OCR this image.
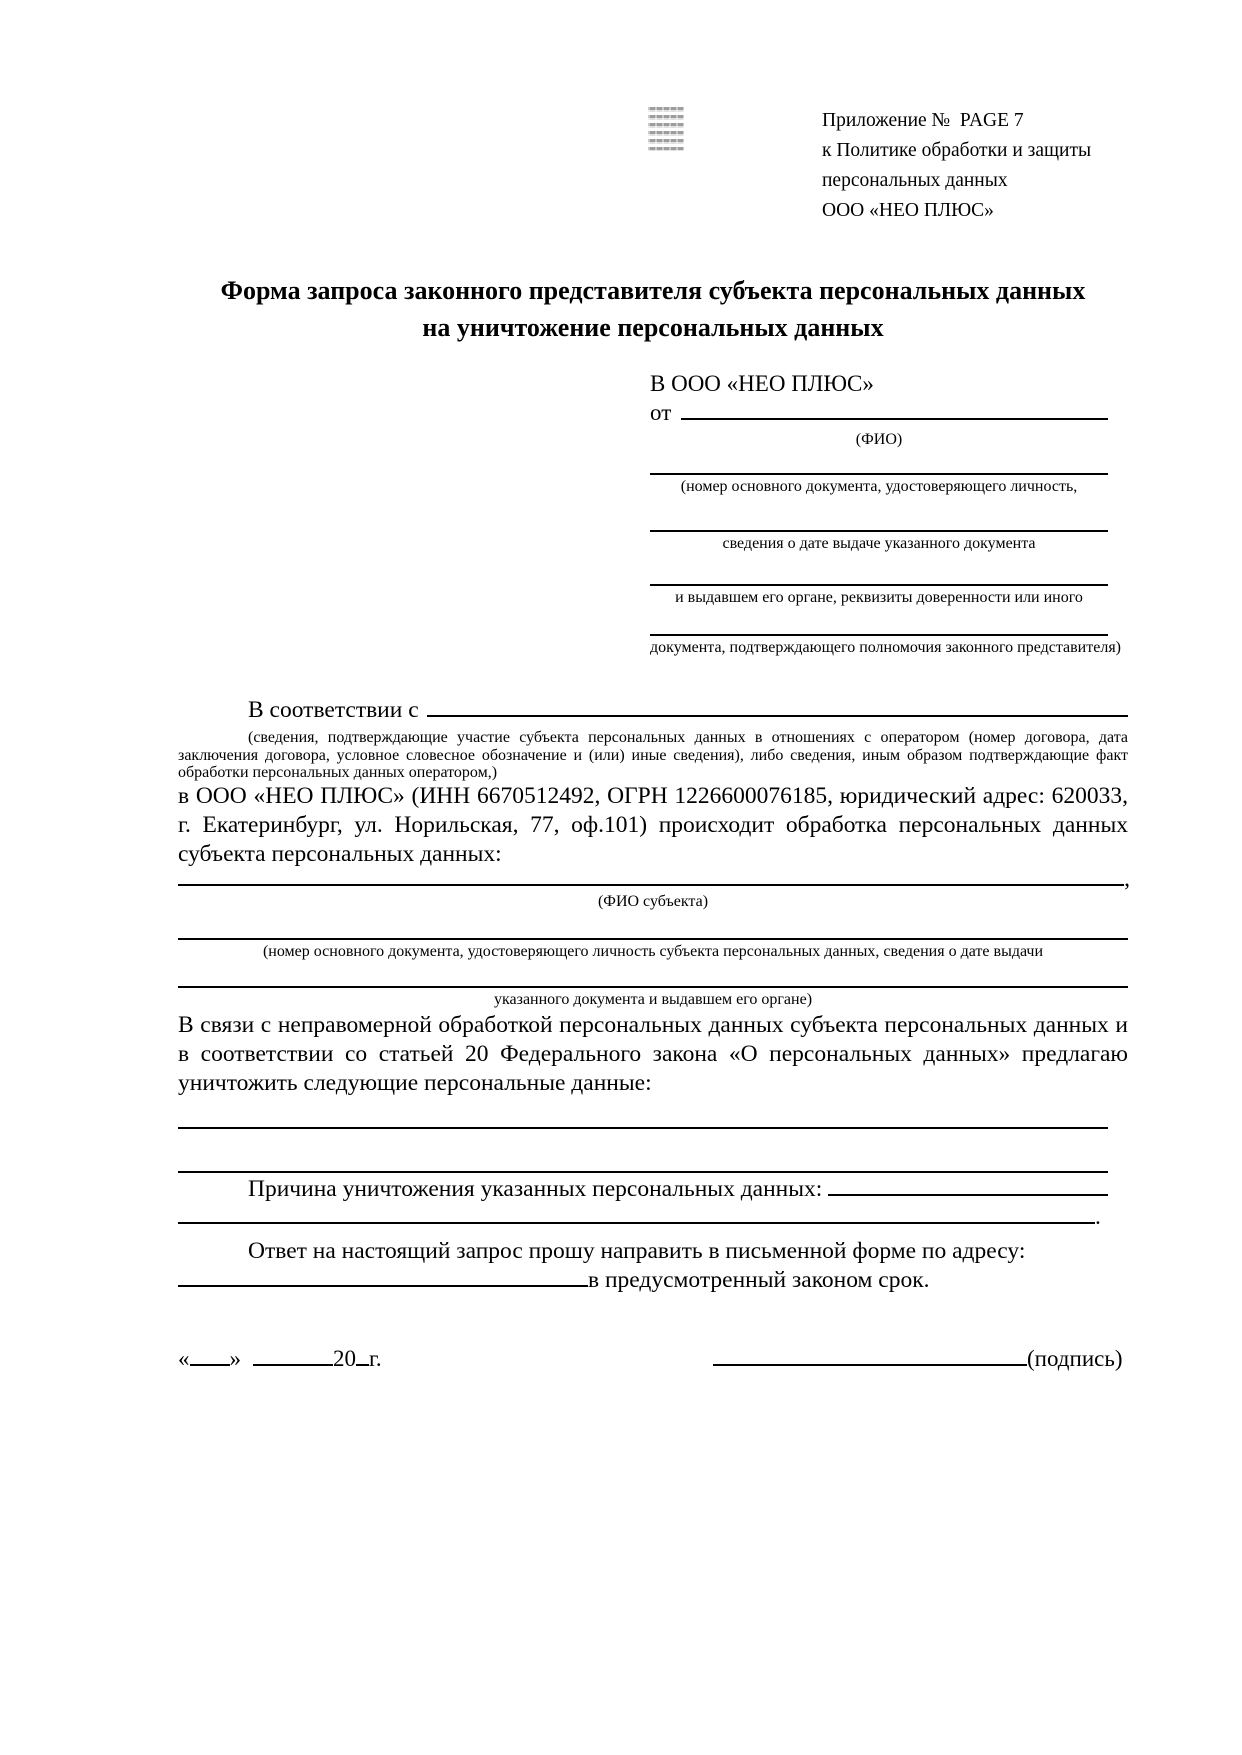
Приложение №  PAGE 7
к Политике обработки и защиты
персональных данных
ООО «НЕО ПЛЮС»
Форма запроса законного представителя субъекта персональных данных
на уничтожение персональных данных
В ООО «НЕО ПЛЮС»
от
(ФИО)
(номер основного документа, удостоверяющего личность,
сведения о дате выдаче указанного документа
и выдавшем его органе, реквизиты доверенности или иного
документа, подтверждающего полномочия законного представителя)
В соответствии с
(сведения, подтверждающие участие субъекта персональных данных в отношениях с оператором (номер договора, дата заключения договора, условное словесное обозначение и (или) иные сведения), либо сведения, иным образом подтверждающие факт обработки персональных данных оператором,)

в ООО «НЕО ПЛЮС» (ИНН 6670512492, ОГРН 1226600076185, юридический адрес: 620033, г. Екатеринбург, ул. Норильская, 77, оф.101) происходит обработка персональных данных субъекта персональных данных:

,
(ФИО субъекта)
(номер основного документа, удостоверяющего личность субъекта персональных данных, сведения о дате выдачи
указанного документа и выдавшем его органе)

В связи с неправомерной обработкой персональных данных субъекта персональных данных и в соответствии со статьей 20 Федерального закона «О персональных данных» предлагаю уничтожить следующие персональные данные:

Причина уничтожения указанных персональных данных:
.
Ответ на настоящий запрос прошу направить в письменной форме по адресу:
в предусмотренный законом срок.
« »	20 г.	(подпись)
